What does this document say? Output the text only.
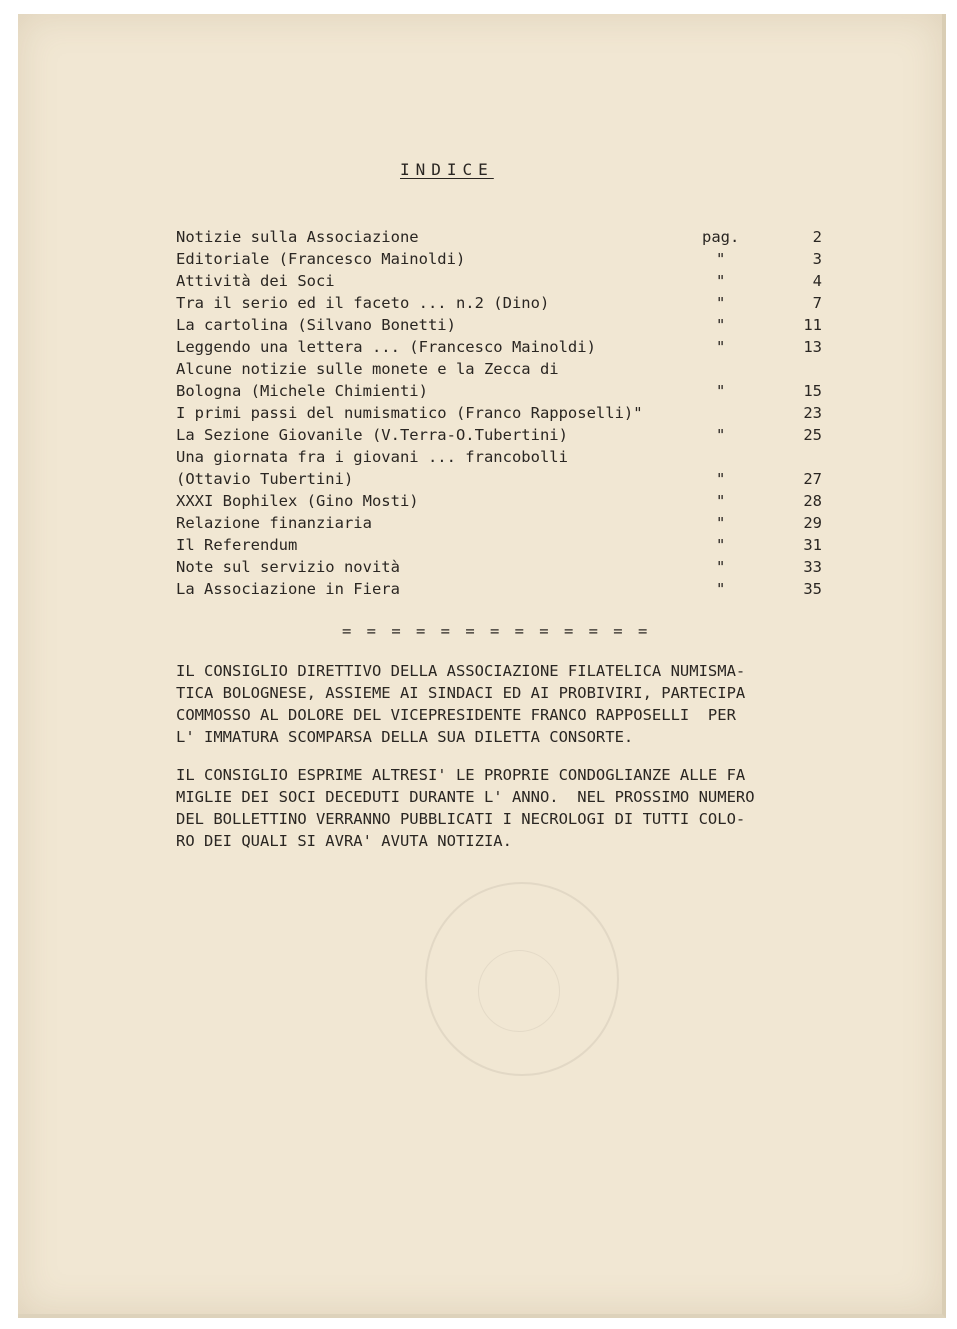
INDICE
Notizie sulla Associazione	pag.	2
Editoriale (Francesco Mainoldi)	"	3
Attività dei Soci	"	4
Tra il serio ed il faceto ... n.2 (Dino)	"	7
La cartolina (Silvano Bonetti)	"	11
Leggendo una lettera ... (Francesco Mainoldi)	"	13
Alcune notizie sulle monete e la Zecca di
Bologna (Michele Chimienti)	"	15
I primi passi del numismatico (Franco Rapposelli)"	23
La Sezione Giovanile (V.Terra-O.Tubertini)	"	25
Una giornata fra i giovani ... francobolli
(Ottavio Tubertini)	"	27
XXXI Bophilex (Gino Mosti)	"	28
Relazione finanziaria	"	29
Il Referendum	"	31
Note sul servizio novità	"	33
La Associazione in Fiera	"	35
= = = = = = = = = = = = =
IL CONSIGLIO DIRETTIVO DELLA ASSOCIAZIONE FILATELICA NUMISMA-
TICA BOLOGNESE, ASSIEME AI SINDACI ED AI PROBIVIRI, PARTECIPA
COMMOSSO AL DOLORE DEL VICEPRESIDENTE FRANCO RAPPOSELLI  PER
L' IMMATURA SCOMPARSA DELLA SUA DILETTA CONSORTE.
IL CONSIGLIO ESPRIME ALTRESI' LE PROPRIE CONDOGLIANZE ALLE FA
MIGLIE DEI SOCI DECEDUTI DURANTE L' ANNO.  NEL PROSSIMO NUMERO
DEL BOLLETTINO VERRANNO PUBBLICATI I NECROLOGI DI TUTTI COLO-
RO DEI QUALI SI AVRA' AVUTA NOTIZIA.
